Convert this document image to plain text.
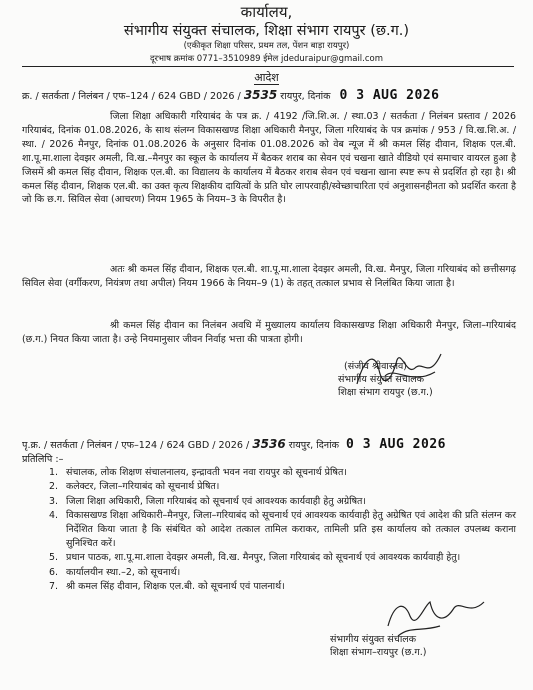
कार्यालय,
संभागीय संयुक्त संचालक, शिक्षा संभाग रायपुर (छ.ग.)
(एकीकृत शिक्षा परिसर, प्रथम तल, पेंशन बाड़ा रायपुर)
दूरभाष क्रमांक 0771–3510989 ईमेल jdeduraipur@gmail.com
आदेश
क्र. / सतर्कता / निलंबन / एफ–124 / 624 GBD / 2026 / 3535 रायपुर, दिनांक 0 3 AUG 2026
जिला शिक्षा अधिकारी गरियाबंद के पत्र क्र. / 4192 /जि.शि.अ. / स्था.03 / सतर्कता / निलंबन प्रस्ताव / 2026 गरियाबंद, दिनांक 01.08.2026, के साथ संलग्न विकासखण्ड शिक्षा अधिकारी मैनपुर, जिला गरियाबंद के पत्र क्रमांक / 953 / वि.ख.शि.अ. / स्था. / 2026 मैनपुर, दिनांक 01.08.2026 के अनुसार दिनांक 01.08.2026 को वेब न्यूज में श्री कमल सिंह दीवान, शिक्षक एल.बी. शा.पू.मा.शाला देवझर अमली, वि.ख.–मैनपुर का स्कूल के कार्यालय में बैठकर शराब का सेवन एवं चखना खाते वीडियो एवं समाचार वायरल हुआ है जिसमें श्री कमल सिंह दीवान, शिक्षक एल.बी. का विद्यालय के कार्यालय में बैठकर शराब सेवन एवं चखना खाना स्पष्ट रूप से प्रदर्शित हो रहा है। श्री कमल सिंह दीवान, शिक्षक एल.बी. का उक्त कृत्य शिक्षकीय दायित्वों के प्रति घोर लापरवाही/स्वेच्छाचारिता एवं अनुशासनहीनता को प्रदर्शित करता है जो कि छ.ग. सिविल सेवा (आचरण) नियम 1965 के नियम–3 के विपरीत है।
अतः श्री कमल सिंह दीवान, शिक्षक एल.बी. शा.पू.मा.शाला देवझर अमली, वि.ख. मैनपुर, जिला गरियाबंद को छत्तीसगढ़ सिविल सेवा (वर्गीकरण, नियंत्रण तथा अपील) नियम 1966 के नियम–9 (1) के तहत् तत्काल प्रभाव से निलंबित किया जाता है।
श्री कमल सिंह दीवान का निलंबन अवधि में मुख्यालय कार्यालय विकासखण्ड शिक्षा अधिकारी मैनपुर, जिला–गरियाबंद (छ.ग.) नियत किया जाता है। उन्हे नियमानुसार जीवन निर्वाह भत्ता की पात्रता होगी।
(संजीव श्रीवास्तव)
संभागीय संयुक्त संचालक
शिक्षा संभाग रायपुर (छ.ग.)
पृ.क्र. / सतर्कता / निलंबन / एफ–124 / 624 GBD / 2026 / 3536 रायपुर, दिनांक 0 3 AUG 2026
प्रतिलिपि :–
1. संचालक, लोक शिक्षण संचालनालय, इन्द्रावती भवन नवा रायपुर को सूचनार्थ प्रेषित।
2. कलेक्टर, जिला–गरियाबंद को सूचनार्थ प्रेषित।
3. जिला शिक्षा अधिकारी, जिला गरियाबंद को सूचनार्थ एवं आवश्यक कार्यवाही हेतु अग्रेषित।
4. विकासखण्ड शिक्षा अधिकारी–मैनपुर, जिला–गरियाबंद को सूचनार्थ एवं आवश्यक कार्यवाही हेतु अग्रेषित एवं आदेश की प्रति संलग्न कर निर्देशित किया जाता है कि संबंधित को आदेश तत्काल तामिल कराकर, तामिली प्रति इस कार्यालय को तत्काल उपलब्ध कराना सुनिश्चित करें।
5. प्रधान पाठक, शा.पू.मा.शाला देवझर अमली, वि.ख. मैनपुर, जिला गरियाबंद को सूचनार्थ एवं आवश्यक कार्यवाही हेतु।
6. कार्यालयीन स्था.–2, को सूचनार्थ।
7. श्री कमल सिंह दीवान, शिक्षक एल.बी. को सूचनार्थ एवं पालनार्थ।
संभागीय संयुक्त संचालक
शिक्षा संभाग–रायपुर (छ.ग.)
